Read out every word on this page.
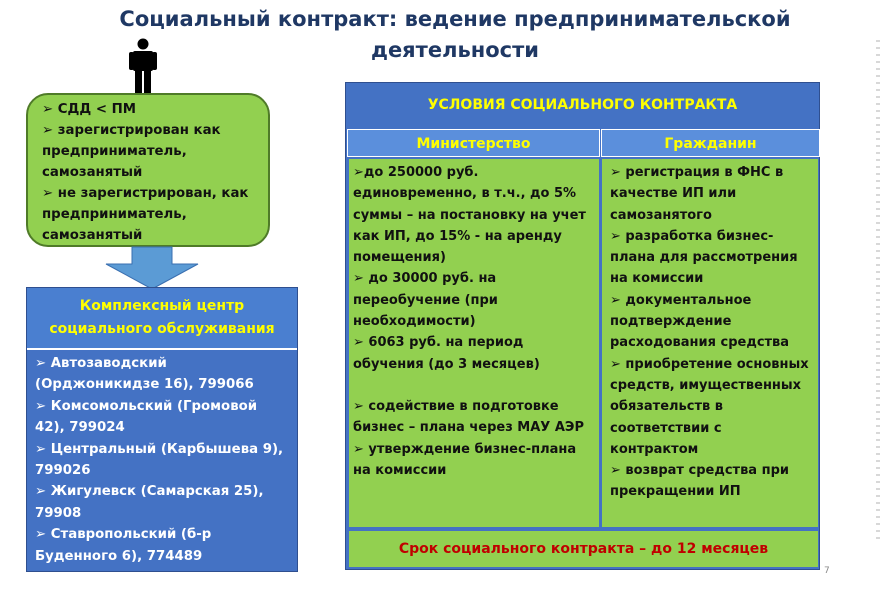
Социальный контракт: ведение предпринимательской деятельности
➢ СДД < ПМ
➢ зарегистрирован как предприниматель, самозанятый
➢ не зарегистрирован, как предприниматель, самозанятый
Комплексный центр социального обслуживания
➢ Автозаводский (Орджоникидзе 16), 799066
➢ Комсомольский (Громовой 42), 799024
➢ Центральный (Карбышева 9), 799026
➢ Жигулевск (Самарская 25), 79908
➢ Ставропольский (б-р Буденного 6), 774489
УСЛОВИЯ СОЦИАЛЬНОГО КОНТРАКТА
Министерство	Гражданин
➢до 250000 руб. единовременно, в т.ч., до 5% суммы – на постановку на учет как ИП, до 15% - на аренду помещения)
➢ до 30000 руб. на переобучение (при необходимости)
➢ 6063 руб. на период обучения (до 3 месяцев)
➢ содействие в подготовке бизнес – плана через МАУ АЭР
➢ утверждение бизнес-плана на комиссии
➢ регистрация в ФНС в качестве ИП или самозанятого
➢ разработка бизнес-плана для рассмотрения на комиссии
➢ документальное подтверждение расходования средства
➢ приобретение основных средств, имущественных обязательств в соответствии с контрактом
➢ возврат средства при прекращении ИП
Срок социального контракта – до 12 месяцев
7
